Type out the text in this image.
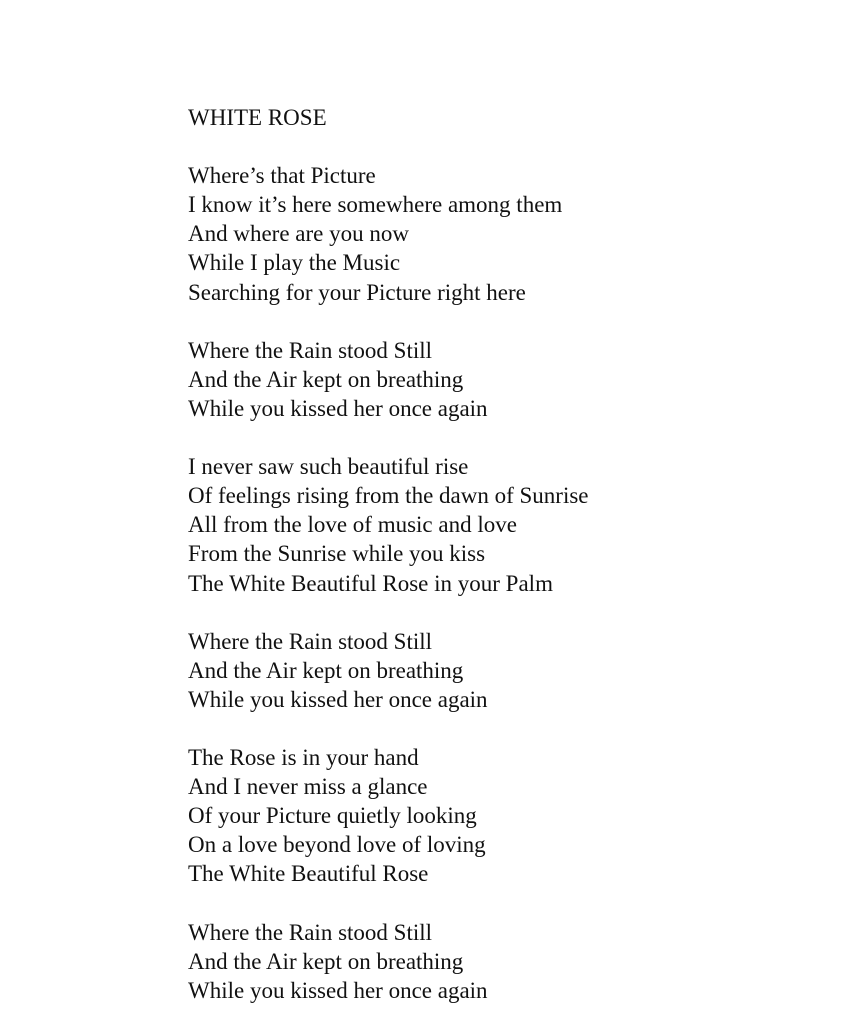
WHITE ROSE
Where’s that Picture
I know it’s here somewhere among them
And where are you now
While I play the Music
Searching for your Picture right here
Where the Rain stood Still
And the Air kept on breathing
While you kissed her once again
I never saw such beautiful rise
Of feelings rising from the dawn of Sunrise
All from the love of music and love
From the Sunrise while you kiss
The White Beautiful Rose in your Palm
Where the Rain stood Still
And the Air kept on breathing
While you kissed her once again
The Rose is in your hand
And I never miss a glance
Of your Picture quietly looking
On a love beyond love of loving
The White Beautiful Rose
Where the Rain stood Still
And the Air kept on breathing
While you kissed her once again
